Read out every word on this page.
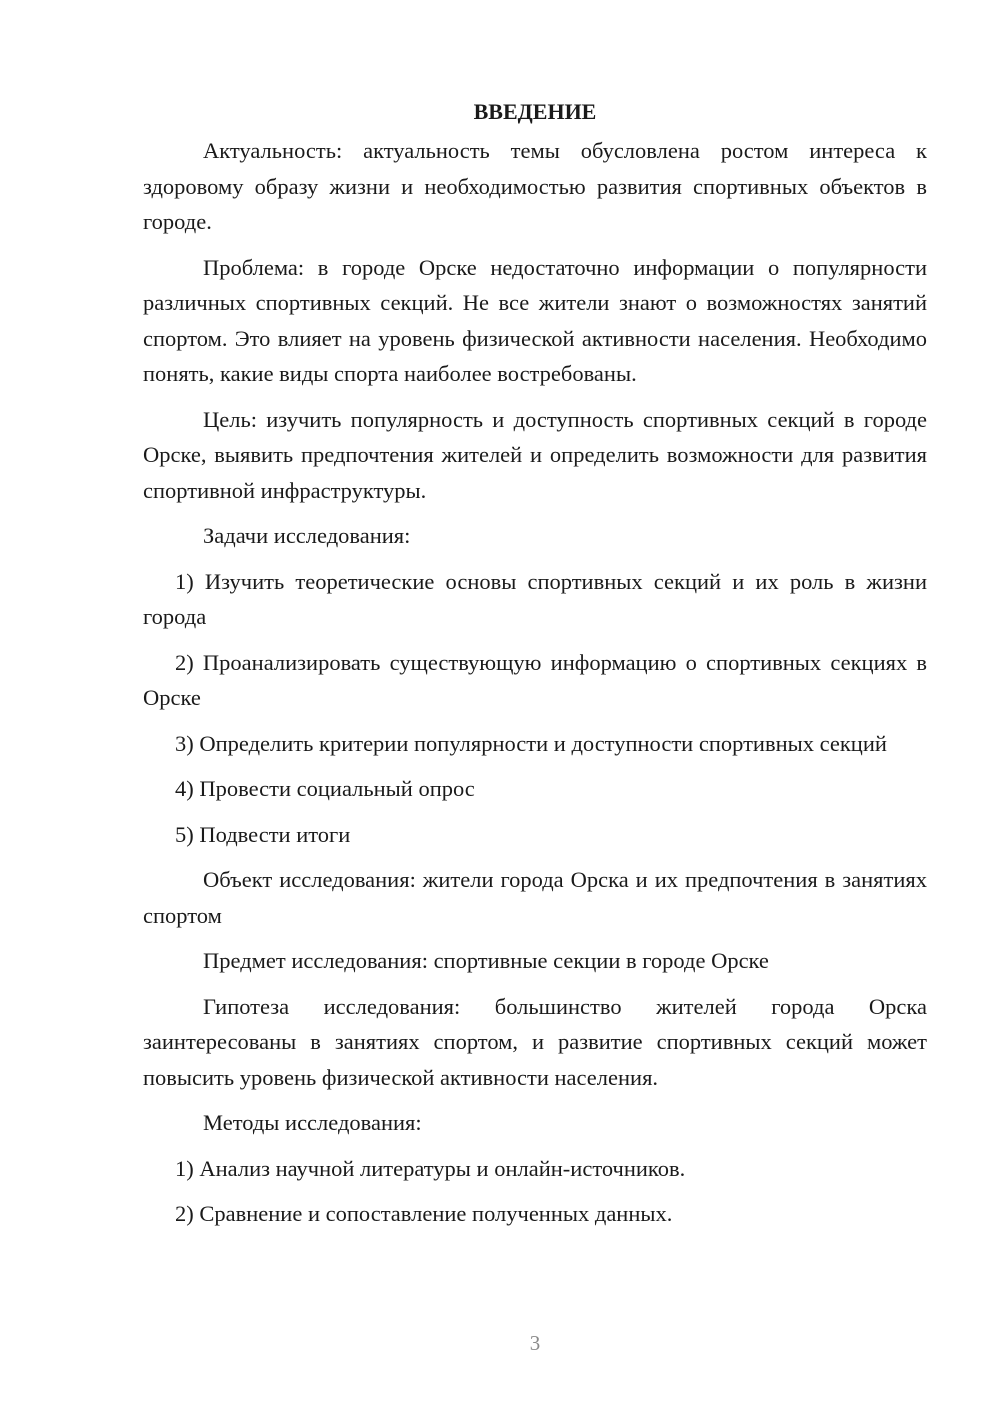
ВВЕДЕНИЕ

Актуальность: актуальность темы обусловлена ростом интереса к здоровому образу жизни и необходимостью развития спортивных объектов в городе.

Проблема: в городе Орске недостаточно информации о популярности различных спортивных секций. Не все жители знают о возможностях занятий спортом. Это влияет на уровень физической активности населения. Необходимо понять, какие виды спорта наиболее востребованы.

Цель: изучить популярность и доступность спортивных секций в городе Орске, выявить предпочтения жителей и определить возможности для развития спортивной инфраструктуры.

Задачи исследования:

1) Изучить теоретические основы спортивных секций и их роль в жизни города

2) Проанализировать существующую информацию о спортивных секциях в Орске

3) Определить критерии популярности и доступности спортивных секций

4) Провести социальный опрос

5) Подвести итоги

Объект исследования: жители города Орска и их предпочтения в занятиях спортом

Предмет исследования: спортивные секции в городе Орске

Гипотеза исследования: большинство жителей города Орска заинтересованы в занятиях спортом, и развитие спортивных секций может повысить уровень физической активности населения.

Методы исследования:

1) Анализ научной литературы и онлайн-источников.

2) Сравнение и сопоставление полученных данных.

3
